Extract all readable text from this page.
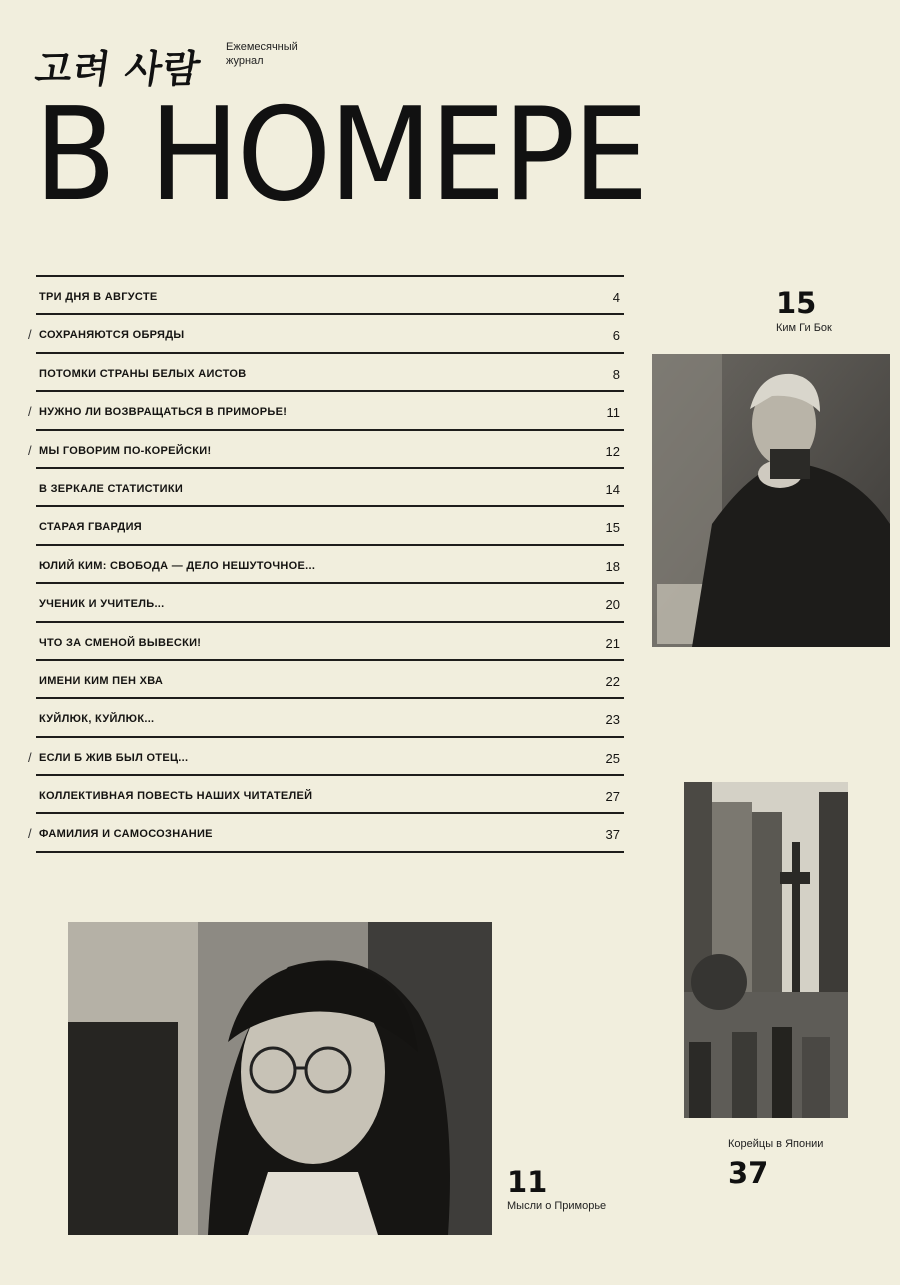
고려 사람 Ежемесячный
журнал
В НОМЕРЕ
ТРИ ДНЯ В АВГУСТЕ	4
/ СОХРАНЯЮТСЯ ОБРЯДЫ	6
ПОТОМКИ СТРАНЫ БЕЛЫХ АИСТОВ	8
/ НУЖНО ЛИ ВОЗВРАЩАТЬСЯ В ПРИМОРЬЕ!	11
/ МЫ ГОВОРИМ ПО-КОРЕЙСКИ!	12
В ЗЕРКАЛЕ СТАТИСТИКИ	14
СТАРАЯ ГВАРДИЯ	15
ЮЛИЙ КИМ: СВОБОДА — ДЕЛО НЕШУТОЧНОЕ...	18
УЧЕНИК И УЧИТЕЛЬ...	20
ЧТО ЗА СМЕНОЙ ВЫВЕСКИ!	21
ИМЕНИ КИМ ПЕН ХВА	22
КУЙЛЮК, КУЙЛЮК...	23
/ ЕСЛИ Б ЖИВ БЫЛ ОТЕЦ...	25
КОЛЛЕКТИВНАЯ ПОВЕСТЬ НАШИХ ЧИТАТЕЛЕЙ	27
/ ФАМИЛИЯ И САМОСОЗНАНИЕ	37
15
Ким Ги Бок
Корейцы в Японии
37
11
Мысли о Приморье
